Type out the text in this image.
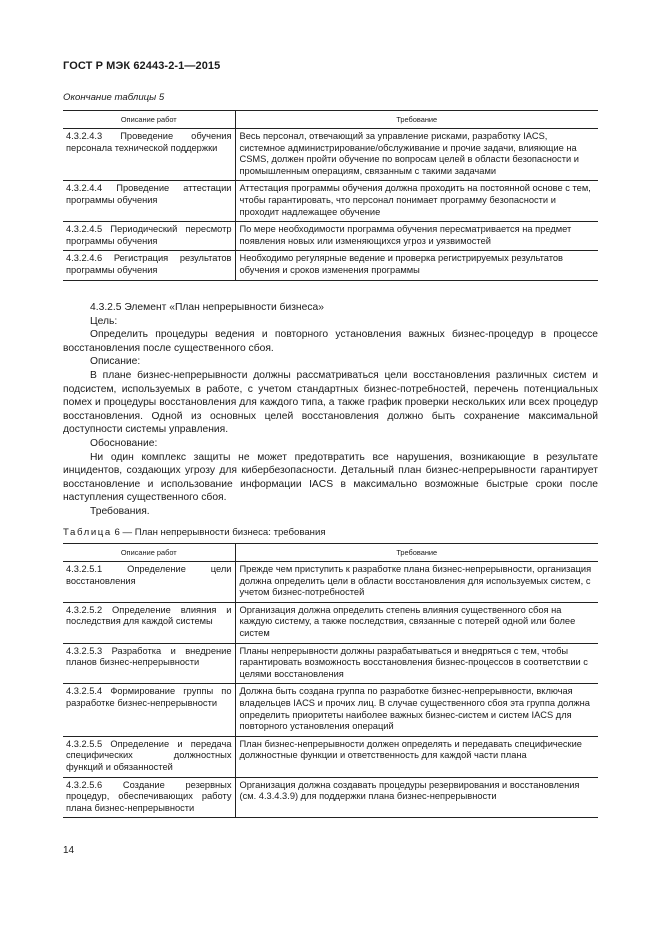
ГОСТ Р МЭК 62443-2-1—2015
Окончание таблицы 5
Описание работ	Требование
4.3.2.4.3 Проведение обучения персонала технической поддержки	Весь персонал, отвечающий за управление рисками, разработку IACS, системное администрирование/обслуживание и прочие задачи, влияющие на CSMS, должен пройти обучение по вопросам целей в области безопасности и промышленным операциям, связанным с такими задачами
4.3.2.4.4 Проведение аттестации программы обучения	Аттестация программы обучения должна проходить на постоянной основе с тем, чтобы гарантировать, что персонал понимает программу безопасности и проходит надлежащее обучение
4.3.2.4.5 Периодический пересмотр программы обучения	По мере необходимости программа обучения пересматривается на предмет появления новых или изменяющихся угроз и уязвимостей
4.3.2.4.6 Регистрация результатов программы обучения	Необходимо регулярные ведение и проверка регистрируемых результатов обучения и сроков изменения программы

4.3.2.5 Элемент «План непрерывности бизнеса»

Цель:

Определить процедуры ведения и повторного установления важных бизнес-процедур в процессе восстановления после существенного сбоя.

Описание:

В плане бизнес-непрерывности должны рассматриваться цели восстановления различных систем и подсистем, используемых в работе, с учетом стандартных бизнес-потребностей, перечень потенциальных помех и процедуры восстановления для каждого типа, а также график проверки нескольких или всех процедур восстановления. Одной из основных целей восстановления должно быть сохранение максимальной доступности системы управления.

Обоснование:

Ни один комплекс защиты не может предотвратить все нарушения, возникающие в результате инцидентов, создающих угрозу для кибербезопасности. Детальный план бизнес-непрерывности гарантирует восстановление и использование информации IACS в максимально возможные быстрые сроки после наступления существенного сбоя.

Требования.

Таблица 6 — План непрерывности бизнеса: требования
Описание работ	Требование
4.3.2.5.1 Определение цели восстановления	Прежде чем приступить к разработке плана бизнес-непрерывности, организация должна определить цели в области восстановления для используемых систем, с учетом бизнес-потребностей
4.3.2.5.2 Определение влияния и последствия для каждой системы	Организация должна определить степень влияния существенного сбоя на каждую систему, а также последствия, связанные с потерей одной или более систем
4.3.2.5.3 Разработка и внедрение планов бизнес-непрерывности	Планы непрерывности должны разрабатываться и внедряться с тем, чтобы гарантировать возможность восстановления бизнес-процессов в соответствии с целями восстановления
4.3.2.5.4 Формирование группы по разработке бизнес-непрерывности	Должна быть создана группа по разработке бизнес-непрерывности, включая владельцев IACS и прочих лиц. В случае существенного сбоя эта группа должна определить приоритеты наиболее важных бизнес-систем и систем IACS для повторного установления операций
4.3.2.5.5 Определение и передача специфических должностных функций и обязанностей	План бизнес-непрерывности должен определять и передавать специфические должностные функции и ответственность для каждой части плана
4.3.2.5.6 Создание резервных процедур, обеспечивающих работу плана бизнес-непрерывности	Организация должна создавать процедуры резервирования и восстановления (см. 4.3.4.3.9) для поддержки плана бизнес-непрерывности
14
